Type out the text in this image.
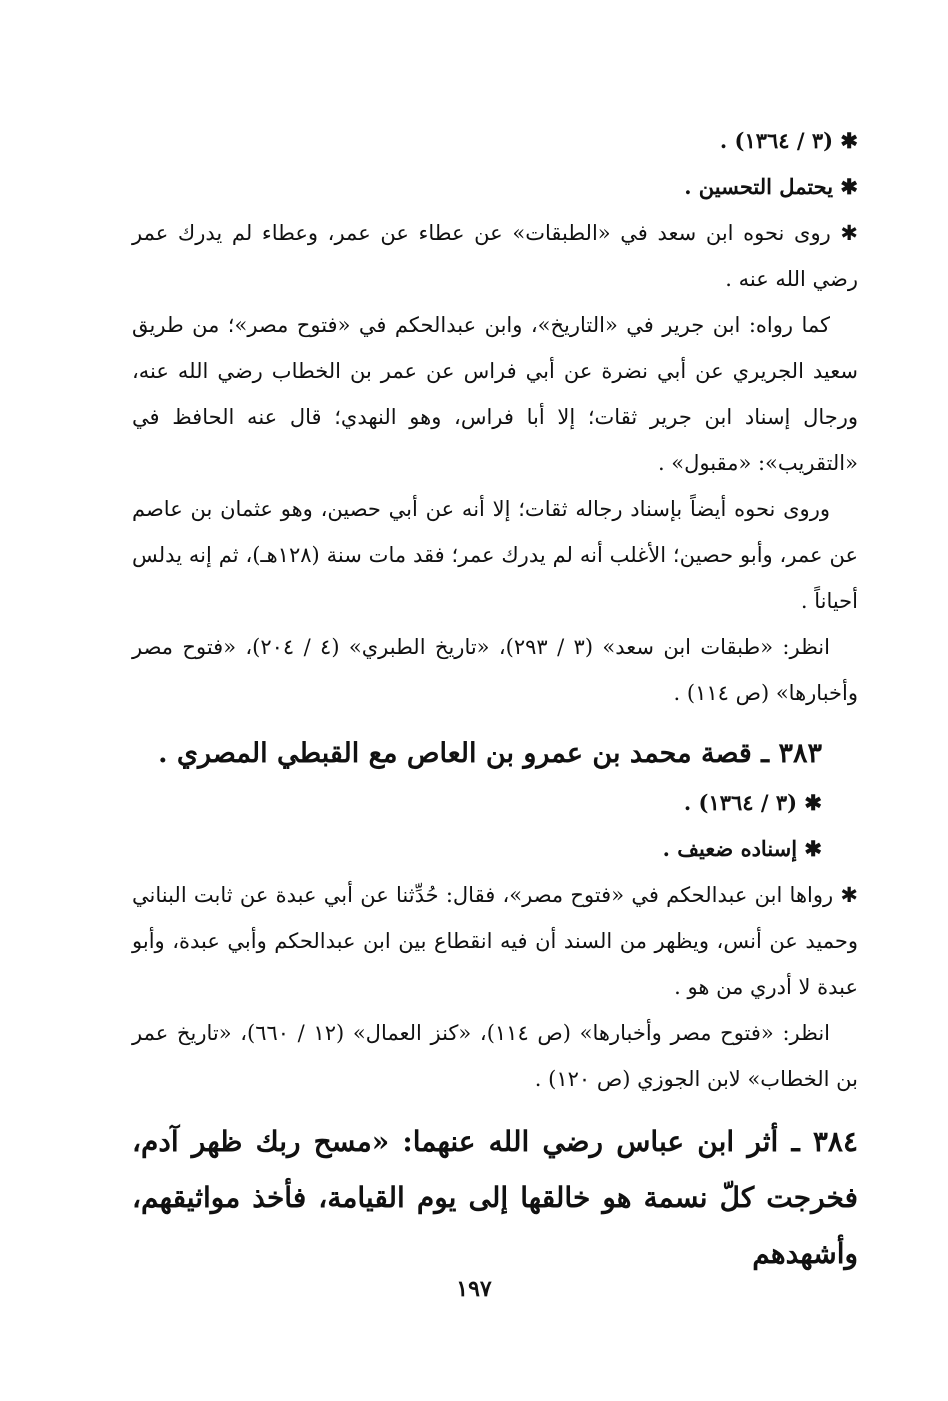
✱ (٣ / ١٣٦٤) .

✱ يحتمل التحسين .

✱ روى نحوه ابن سعد في «الطبقات» عن عطاء عن عمر، وعطاء لم يدرك عمر رضي الله عنه .

كما رواه: ابن جرير في «التاريخ»، وابن عبدالحكم في «فتوح مصر»؛ من طريق سعيد الجريري عن أبي نضرة عن أبي فراس عن عمر بن الخطاب رضي الله عنه، ورجال إسناد ابن جرير ثقات؛ إلا أبا فراس، وهو النهدي؛ قال عنه الحافظ في «التقريب»: «مقبول» .

وروى نحوه أيضاً بإسناد رجاله ثقات؛ إلا أنه عن أبي حصين، وهو عثمان بن عاصم عن عمر، وأبو حصين؛ الأغلب أنه لم يدرك عمر؛ فقد مات سنة (١٢٨هـ)، ثم إنه يدلس أحياناً .

انظر: «طبقات ابن سعد» (٣ / ٢٩٣)، «تاريخ الطبري» (٤ / ٢٠٤)، «فتوح مصر وأخبارها» (ص ١١٤) .

٣٨٣ ـ قصة محمد بن عمرو بن العاص مع القبطي المصري .

✱ (٣ / ١٣٦٤) .

✱ إسناده ضعيف .

✱ رواها ابن عبدالحكم في «فتوح مصر»، فقال: حُدِّثنا عن أبي عبدة عن ثابت البناني وحميد عن أنس، ويظهر من السند أن فيه انقطاع بين ابن عبدالحكم وأبي عبدة، وأبو عبدة لا أدري من هو .

انظر: «فتوح مصر وأخبارها» (ص ١١٤)، «كنز العمال» (١٢ / ٦٦٠)، «تاريخ عمر بن الخطاب» لابن الجوزي (ص ١٢٠) .

٣٨٤ ـ أثر ابن عباس رضي الله عنهما: «مسح ربك ظهر آدم، فخرجت كلّ نسمة هو خالقها إلى يوم القيامة، فأخذ مواثيقهم، وأشهدهم
١٩٧
